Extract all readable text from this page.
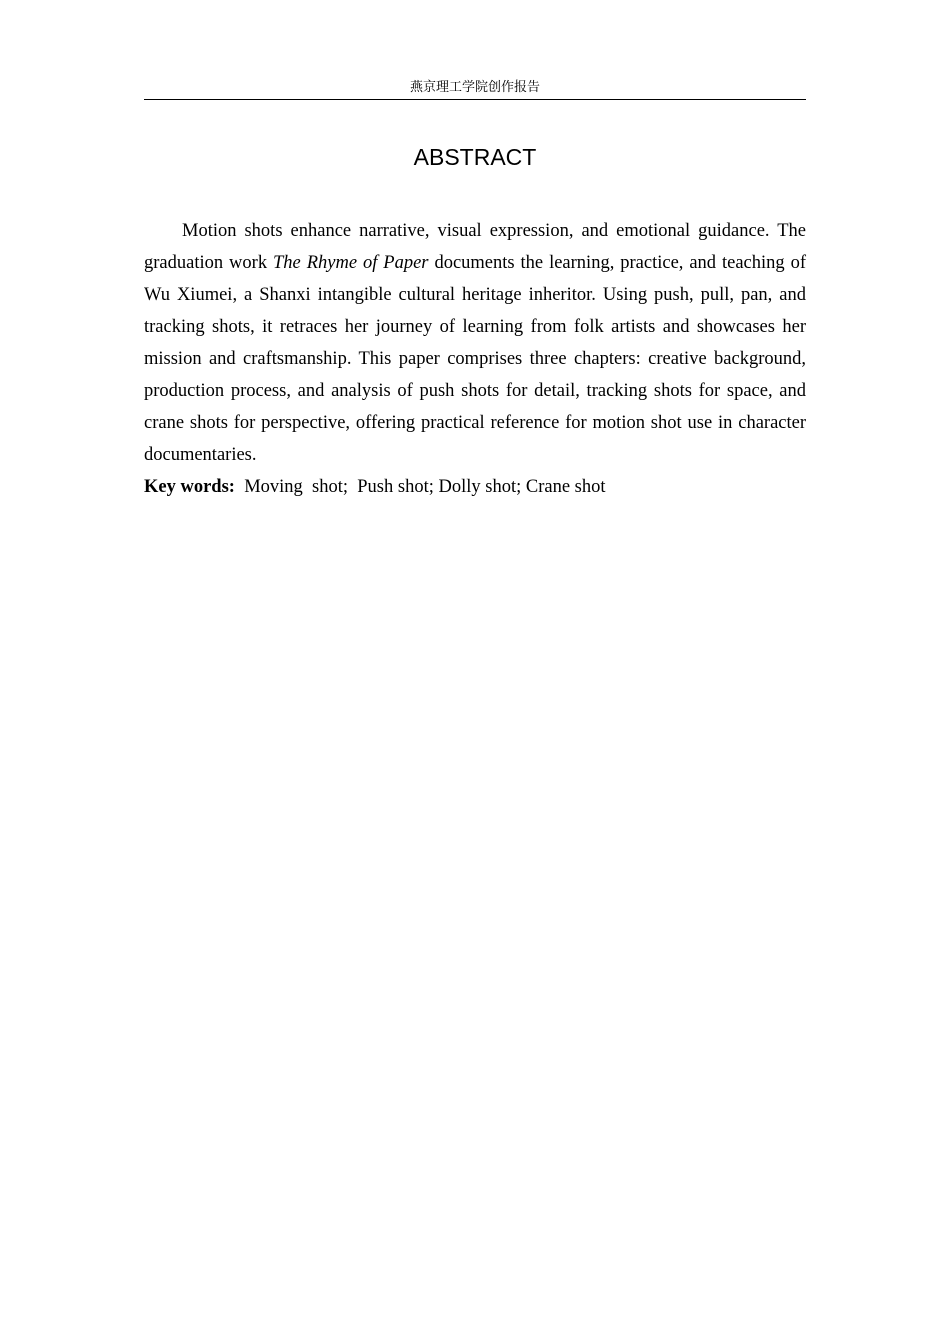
燕京理工学院创作报告
ABSTRACT

Motion shots enhance narrative, visual expression, and emotional guidance. The graduation work The Rhyme of Paper documents the learning, practice, and teaching of Wu Xiumei, a Shanxi intangible cultural heritage inheritor. Using push, pull, pan, and tracking shots, it retraces her journey of learning from folk artists and showcases her mission and craftsmanship. This paper comprises three chapters: creative background, production process, and analysis of push shots for detail, tracking shots for space, and crane shots for perspective, offering practical reference for motion shot use in character documentaries.

Key words:  Moving  shot;  Push shot; Dolly shot; Crane shot
